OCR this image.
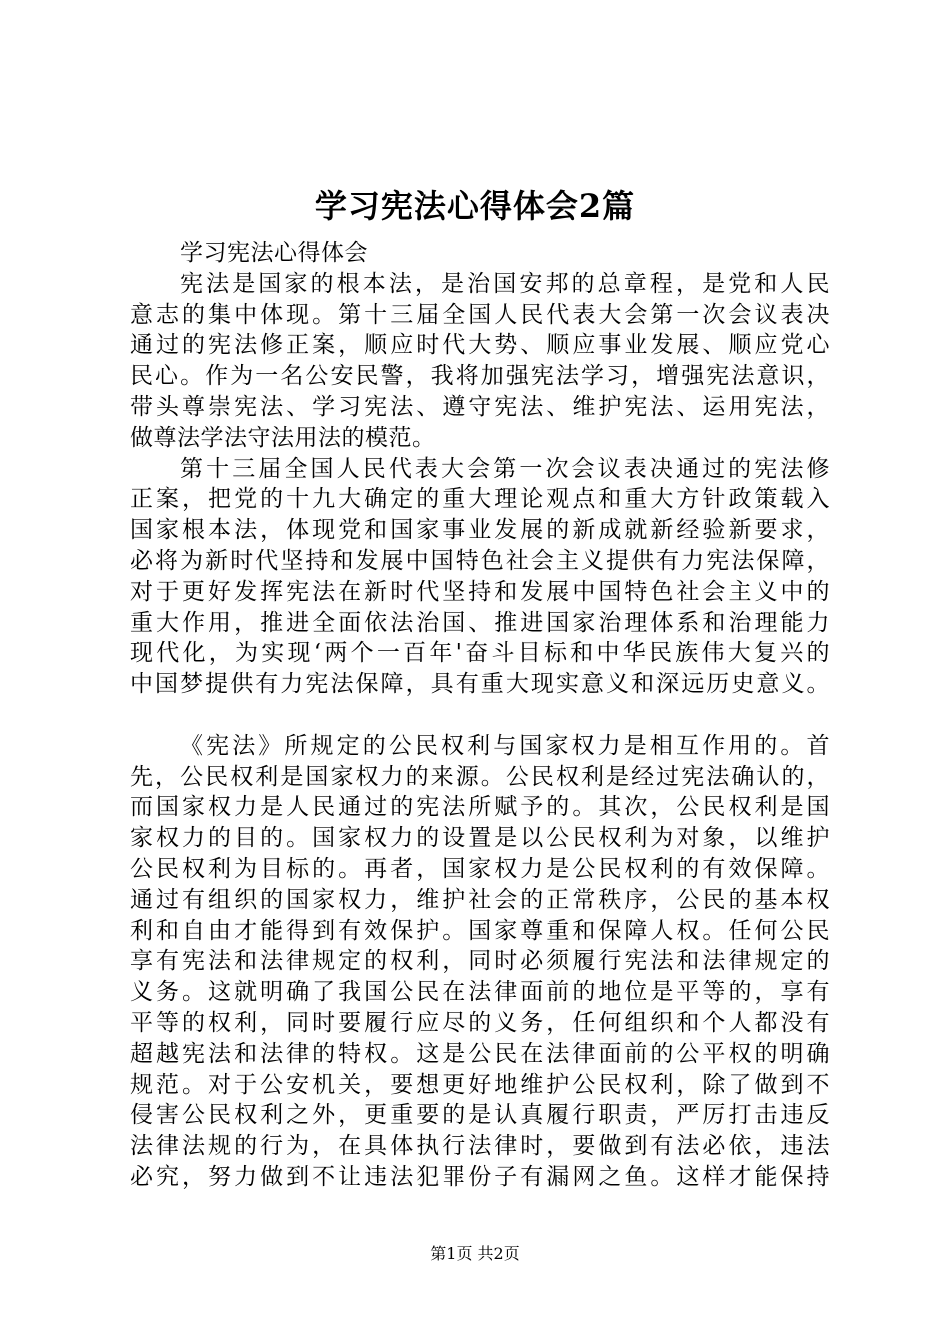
学习宪法心得体会2篇
学习宪法心得体会
宪法是国家的根本法，是治国安邦的总章程，是党和人民
意志的集中体现。第十三届全国人民代表大会第一次会议表决
通过的宪法修正案，顺应时代大势、顺应事业发展、顺应党心
民心。作为一名公安民警，我将加强宪法学习，增强宪法意识，
带头尊崇宪法、学习宪法、遵守宪法、维护宪法、运用宪法，
做尊法学法守法用法的模范。
第十三届全国人民代表大会第一次会议表决通过的宪法修
正案，把党的十九大确定的重大理论观点和重大方针政策载入
国家根本法，体现党和国家事业发展的新成就新经验新要求，
必将为新时代坚持和发展中国特色社会主义提供有力宪法保障，
对于更好发挥宪法在新时代坚持和发展中国特色社会主义中的
重大作用，推进全面依法治国、推进国家治理体系和治理能力
现代化，为实现‘两个一百年'奋斗目标和中华民族伟大复兴的
中国梦提供有力宪法保障，具有重大现实意义和深远历史意义。
《宪法》所规定的公民权利与国家权力是相互作用的。首
先，公民权利是国家权力的来源。公民权利是经过宪法确认的，
而国家权力是人民通过的宪法所赋予的。其次，公民权利是国
家权力的目的。国家权力的设置是以公民权利为对象，以维护
公民权利为目标的。再者，国家权力是公民权利的有效保障。
通过有组织的国家权力，维护社会的正常秩序，公民的基本权
利和自由才能得到有效保护。国家尊重和保障人权。任何公民
享有宪法和法律规定的权利，同时必须履行宪法和法律规定的
义务。这就明确了我国公民在法律面前的地位是平等的，享有
平等的权利，同时要履行应尽的义务，任何组织和个人都没有
超越宪法和法律的特权。这是公民在法律面前的公平权的明确
规范。对于公安机关，要想更好地维护公民权利，除了做到不
侵害公民权利之外，更重要的是认真履行职责，严厉打击违反
法律法规的行为，在具体执行法律时，要做到有法必依，违法
必究，努力做到不让违法犯罪份子有漏网之鱼。这样才能保持
第1页 共2页
